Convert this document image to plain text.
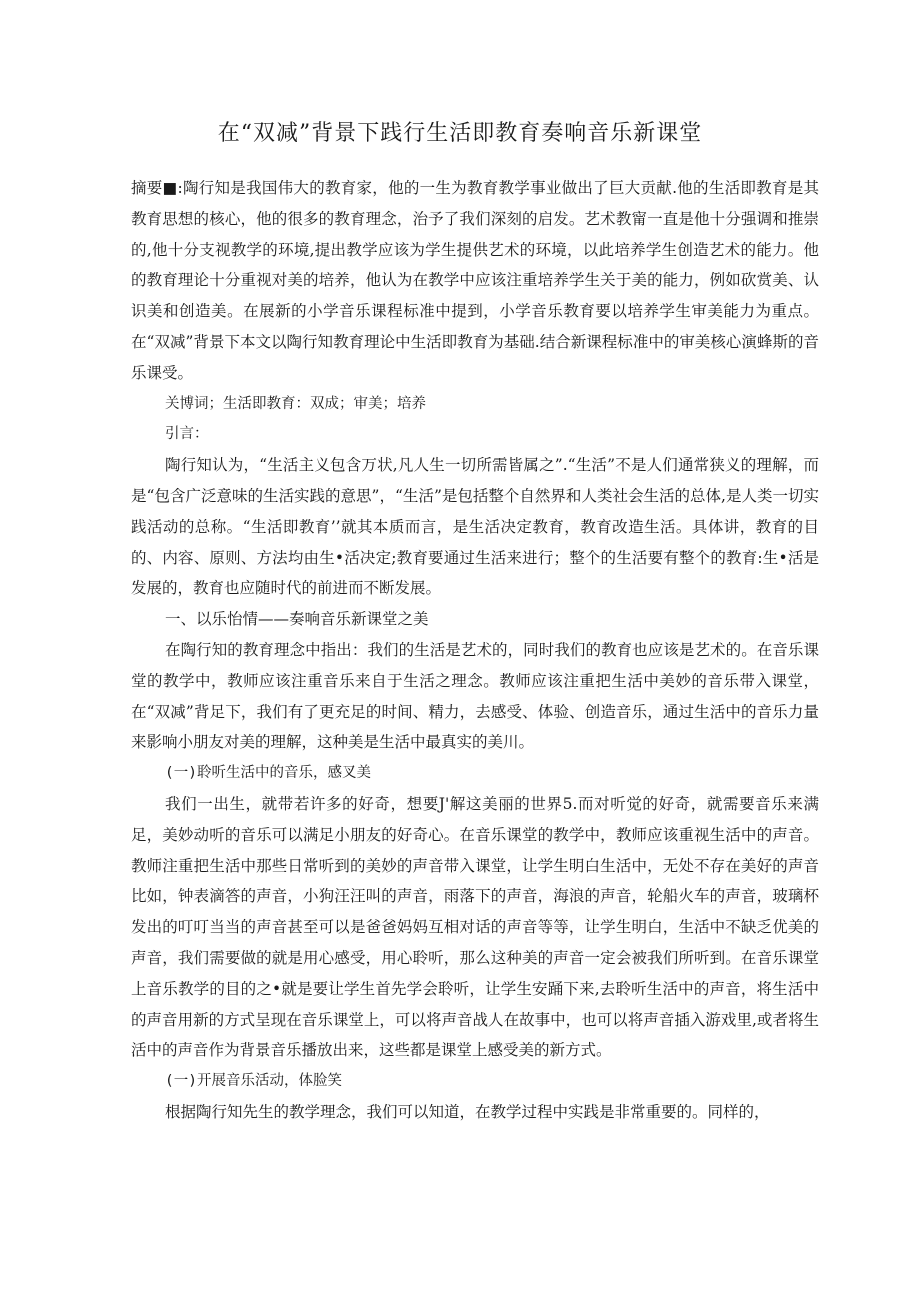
在“双减”背景下践行生活即教育奏响音乐新课堂

摘要■:陶行知是我国伟大的教育家，他的一生为教育教学事业做出了巨大贡献.他的生活即教育是其教育思想的核心，他的很多的教育理念，治予了我们深刻的启发。艺术教甯一直是他十分强调和推崇的,他十分支视教学的环境,提出教学应该为学生提供艺术的环境，以此培养学生创造艺术的能力。他的教育理论十分重视对美的培养，他认为在教学中应该注重培养学生关于美的能力，例如砍赏美、认识美和创造美。在展新的小学音乐课程标准中提到，小学音乐教育要以培养学生审美能力为重点。在“双减”背景下本文以陶行知教育理论中生活即教育为基础.结合新课程标准中的审美核心演蜂斯的音乐课受。

关博词；生活即教育：双成；审美；培养

引言：

陶行知认为，“生活主义包含万状,凡人生一切所需皆属之”.“生活”不是人们通常狭义的理解，而是“包含广泛意味的生活实践的意思”，“生活”是包括整个自然界和人类社会生活的总体,是人类一切实践活动的总称。“生活即教育’’就其本质而言，是生活决定教育，教育改造生活。具体讲，教育的目的、内容、原则、方法均由生•活决定;教育要通过生活来进行；整个的生活要有整个的教育:生•活是发展的，教育也应随时代的前进而不断发展。

一、以乐怡情——奏响音乐新课堂之美

在陶行知的教育理念中指出：我们的生活是艺术的，同时我们的教育也应该是艺术的。在音乐课堂的教学中，教师应该注重音乐来自于生活之理念。教师应该注重把生活中美妙的音乐带入课堂，在“双减”背足下，我们有了更充足的时间、精力，去感受、体验、创造音乐，通过生活中的音乐力量来影响小朋友对美的理解，这种美是生活中最真实的美川。

(一)聆听生活中的音乐，感叉美

我们一出生，就带若许多的好奇，想要J'解这美丽的世界5.而对听觉的好奇，就需要音乐来满足，美妙动听的音乐可以满足小朋友的好奇心。在音乐课堂的教学中，教师应该重视生活中的声音。教师注重把生活中那些日常听到的美妙的声音带入课堂，让学生明白生活中，无处不存在美好的声音比如，钟表滴答的声音，小狗汪汪叫的声音，雨落下的声音，海浪的声音，轮船火车的声音，玻璃杯发出的叮叮当当的声音甚至可以是爸爸妈妈互相对话的声音等等，让学生明白，生活中不缺乏优美的声音，我们需要做的就是用心感受，用心聆听，那么这种美的声音一定会被我们所听到。在音乐课堂上音乐教学的目的之•就是要让学生首先学会聆听，让学生安踊下来,去聆听生活中的声音，将生活中的声音用新的方式呈现在音乐课堂上，可以将声音战人在故事中，也可以将声音插入游戏里,或者将生活中的声音作为背景音乐播放出来，这些都是课堂上感受美的新方式。

(一)开展音乐活动，体脸笑

根据陶行知先生的教学理念，我们可以知道，在教学过程中实践是非常重要的。同样的，
